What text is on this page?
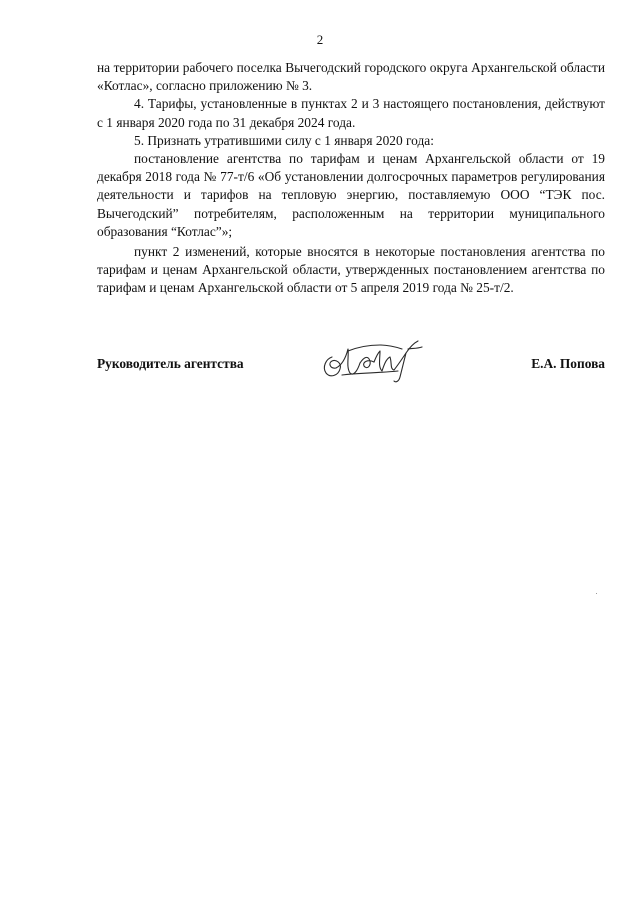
2

на территории рабочего поселка Вычегодский городского округа Архангельской области «Котлас», согласно приложению № 3.

4. Тарифы, установленные в пунктах 2 и 3 настоящего постановления, действуют с 1 января 2020 года по 31 декабря 2024 года.

5. Признать утратившими силу с 1 января 2020 года:

постановление агентства по тарифам и ценам Архангельской области от 19 декабря 2018 года № 77-т/6 «Об установлении долгосрочных параметров регулирования деятельности и тарифов на тепловую энергию, поставляемую ООО “ТЭК пос. Вычегодский” потребителям, расположенным на территории муниципального образования “Котлас”»;

пункт 2 изменений, которые вносятся в некоторые постановления агентства по тарифам и ценам Архангельской области, утвержденных постановлением агентства по тарифам и ценам Архангельской области от 5 апреля 2019 года № 25-т/2.

Руководитель агентства	Е.А. Попова
